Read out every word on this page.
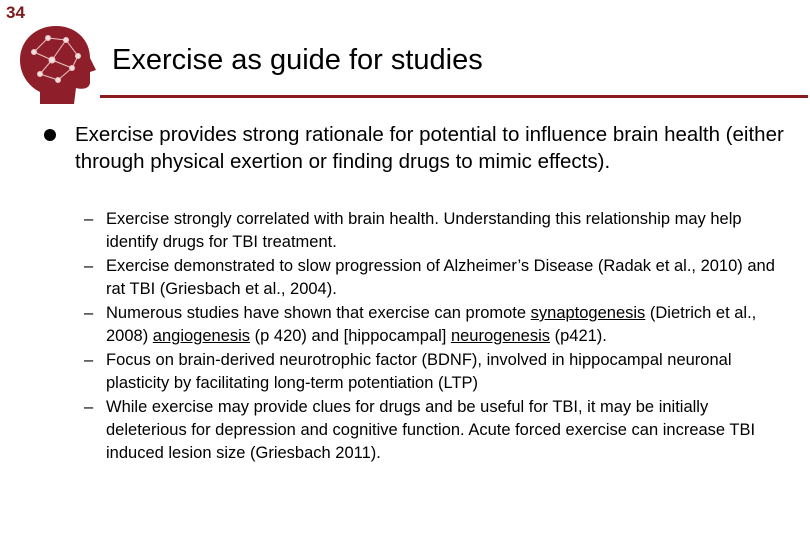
34
Exercise as guide for studies
Exercise provides strong rationale for potential to influence brain health (either through physical exertion or finding drugs to mimic effects).
– Exercise strongly correlated with brain health. Understanding this relationship may help identify drugs for TBI treatment.
– Exercise demonstrated to slow progression of Alzheimer’s Disease (Radak et al., 2010) and rat TBI (Griesbach et al., 2004).
– Numerous studies have shown that exercise can promote synaptogenesis (Dietrich et al., 2008) angiogenesis (p 420) and [hippocampal] neurogenesis (p421).
– Focus on brain-derived neurotrophic factor (BDNF), involved in hippocampal neuronal plasticity by facilitating long-term potentiation (LTP)
– While exercise may provide clues for drugs and be useful for TBI, it may be initially deleterious for depression and cognitive function. Acute forced exercise can increase TBI induced lesion size (Griesbach 2011).
